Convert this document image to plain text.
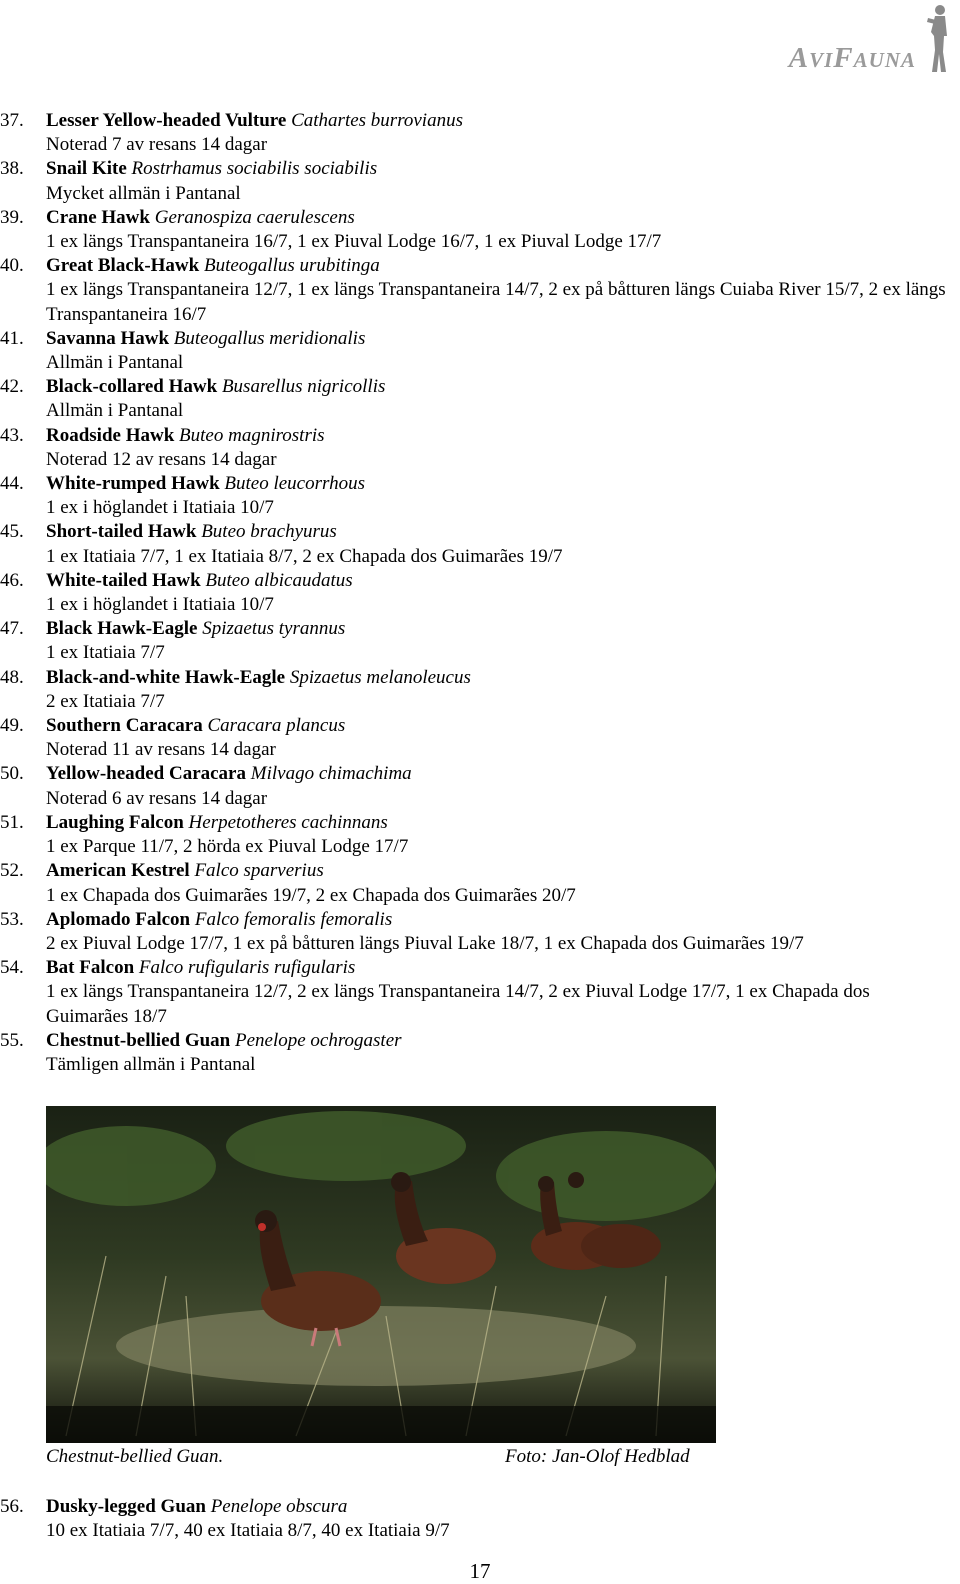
AVIFAUNA
37. Lesser Yellow-headed Vulture Cathartes burrovianus
Noterad 7 av resans 14 dagar
38. Snail Kite Rostrhamus sociabilis sociabilis
Mycket allmän i Pantanal
39. Crane Hawk Geranospiza caerulescens
1 ex längs Transpantaneira 16/7, 1 ex Piuval Lodge 16/7, 1 ex Piuval Lodge 17/7
40. Great Black-Hawk Buteogallus urubitinga
1 ex längs Transpantaneira 12/7, 1 ex längs Transpantaneira 14/7, 2 ex på båtturen längs Cuiaba River 15/7, 2 ex längs Transpantaneira 16/7
41. Savanna Hawk Buteogallus meridionalis
Allmän i Pantanal
42. Black-collared Hawk Busarellus nigricollis
Allmän i Pantanal
43. Roadside Hawk Buteo magnirostris
Noterad 12 av resans 14 dagar
44. White-rumped Hawk Buteo leucorrhous
1 ex i höglandet i Itatiaia 10/7
45. Short-tailed Hawk Buteo brachyurus
1 ex Itatiaia 7/7, 1 ex Itatiaia 8/7, 2 ex Chapada dos Guimarães 19/7
46. White-tailed Hawk Buteo albicaudatus
1 ex i höglandet i Itatiaia 10/7
47. Black Hawk-Eagle Spizaetus tyrannus
1 ex Itatiaia 7/7
48. Black-and-white Hawk-Eagle Spizaetus melanoleucus
2 ex Itatiaia 7/7
49. Southern Caracara Caracara plancus
Noterad 11 av resans 14 dagar
50. Yellow-headed Caracara Milvago chimachima
Noterad 6 av resans 14 dagar
51. Laughing Falcon Herpetotheres cachinnans
1 ex Parque 11/7, 2 hörda ex Piuval Lodge 17/7
52. American Kestrel Falco sparverius
1 ex Chapada dos Guimarães 19/7, 2 ex Chapada dos Guimarães 20/7
53. Aplomado Falcon Falco femoralis femoralis
2 ex Piuval Lodge 17/7, 1 ex på båtturen längs Piuval Lake 18/7, 1 ex Chapada dos Guimarães 19/7
54. Bat Falcon Falco rufigularis rufigularis
1 ex längs Transpantaneira 12/7, 2 ex längs Transpantaneira 14/7, 2 ex Piuval Lodge 17/7, 1 ex Chapada dos Guimarães 18/7
55. Chestnut-bellied Guan Penelope ochrogaster
Tämligen allmän i Pantanal
Chestnut-bellied Guan.	Foto: Jan-Olof Hedblad
56. Dusky-legged Guan Penelope obscura
10 ex Itatiaia 7/7, 40 ex Itatiaia 8/7, 40 ex Itatiaia 9/7
17
